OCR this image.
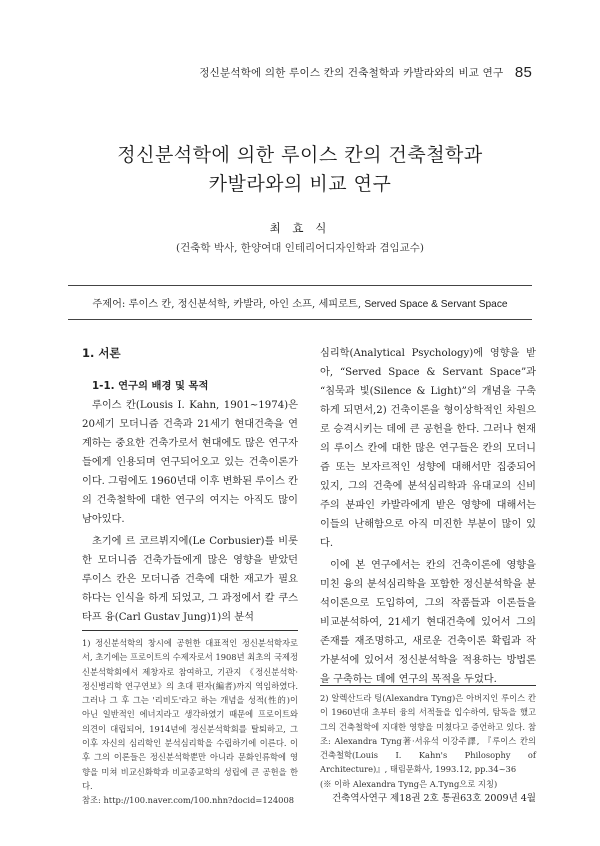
정신분석학에 의한 루이스 칸의 건축철학과 카발라와의 비교 연구 85
정신분석학에 의한 루이스 칸의 건축철학과
카발라와의 비교 연구
최 효 식
(건축학 박사, 한양여대 인테리어디자인학과 겸임교수)
주제어: 루이스 칸, 정신분석학, 카발라, 아인 소프, 세피로트, Served Space & Servant Space
1. 서론
1-1. 연구의 배경 및 목적

루이스 칸(Lousis I. Kahn, 1901~1974)은 20세기 모더니즘 건축과 21세기 현대건축을 연계하는 중요한 건축가로서 현대에도 많은 연구자들에게 인용되며 연구되어오고 있는 건축이론가이다. 그럼에도 1960년대 이후 변화된 루이스 칸의 건축철학에 대한 연구의 여지는 아직도 많이 남아있다.

초기에 르 코르뷔지에(Le Corbusier)를 비롯한 모더니즘 건축가들에게 많은 영향을 받았던 루이스 칸은 모더니즘 건축에 대한 재고가 필요하다는 인식을 하게 되었고, 그 과정에서 칼 쿠스타프 융(Carl Gustav Jung)1)의 분석

심리학(Analytical Psychology)에 영향을 받아, “Served Space & Servant Space”과 “침묵과 빛(Silence & Light)”의 개념을 구축하게 되면서,2) 건축이론을 형이상학적인 차원으로 승격시키는 데에 큰 공헌을 한다. 그러나 현재의 루이스 칸에 대한 많은 연구들은 칸의 모더니즘 또는 보자르적인 성향에 대해서만 집중되어 있지, 그의 건축에 분석심리학과 유대교의 신비주의 분파인 카발라에게 받은 영향에 대해서는 이들의 난해함으로 아직 미진한 부분이 많이 있다.

이에 본 연구에서는 칸의 건축이론에 영향을 미친 융의 분석심리학을 포함한 정신분석학을 분석이론으로 도입하여, 그의 작품들과 이론들을 비교분석하여, 21세기 현대건축에 있어서 그의 존재를 재조명하고, 새로운 건축이론 확립과 작가분석에 있어서 정신분석학을 적용하는 방법론을 구축하는 데에 연구의 목적을 두었다.

1) 정신분석학의 창시에 공헌한 대표적인 정신분석학자로서, 초기에는 프로이트의 수제자로서 1908년 최초의 국제정신분석학회에서 제창자로 참여하고, 기관지 《정신분석학·정신병리학 연구연보》의 초대 편자(編者)까지 역임하였다. 그러나 그 후 그는 '리비도'라고 하는 개념을 성적(性的)이 아닌 일반적인 에너지라고 생각하였기 때문에 프로이트와 의견이 대립되어, 1914년에 정신분석학회를 탈퇴하고, 그 이후 자신의 심리학인 분석심리학을 수립하기에 이른다. 이후 그의 이론들은 정신분석학뿐만 아니라 문화인류학에 영향을 미쳐 비교신화학과 비교종교학의 성립에 큰 공헌을 한다.
참조: http://100.naver.com/100.nhn?docid=124008
2) 알렉산드라 팅(Alexandra Tyng)은 아버지인 루이스 칸이 1960년대 초부터 융의 서적들을 입수하여, 탐독을 했고 그의 건축철학에 지대한 영향을 미쳤다고 증언하고 있다. 참조: Alexandra Tyng著·서유석 이강주譯, 『루이스 칸의 건축철학(Louis I. Kahn's Philosophy of Architecture)』, 태림문화사, 1993.12, pp.34~36
(※ 이하 Alexandra Tyng은 A.Tyng으로 지칭)
건축역사연구 제18권 2호 통권63호 2009년 4월
